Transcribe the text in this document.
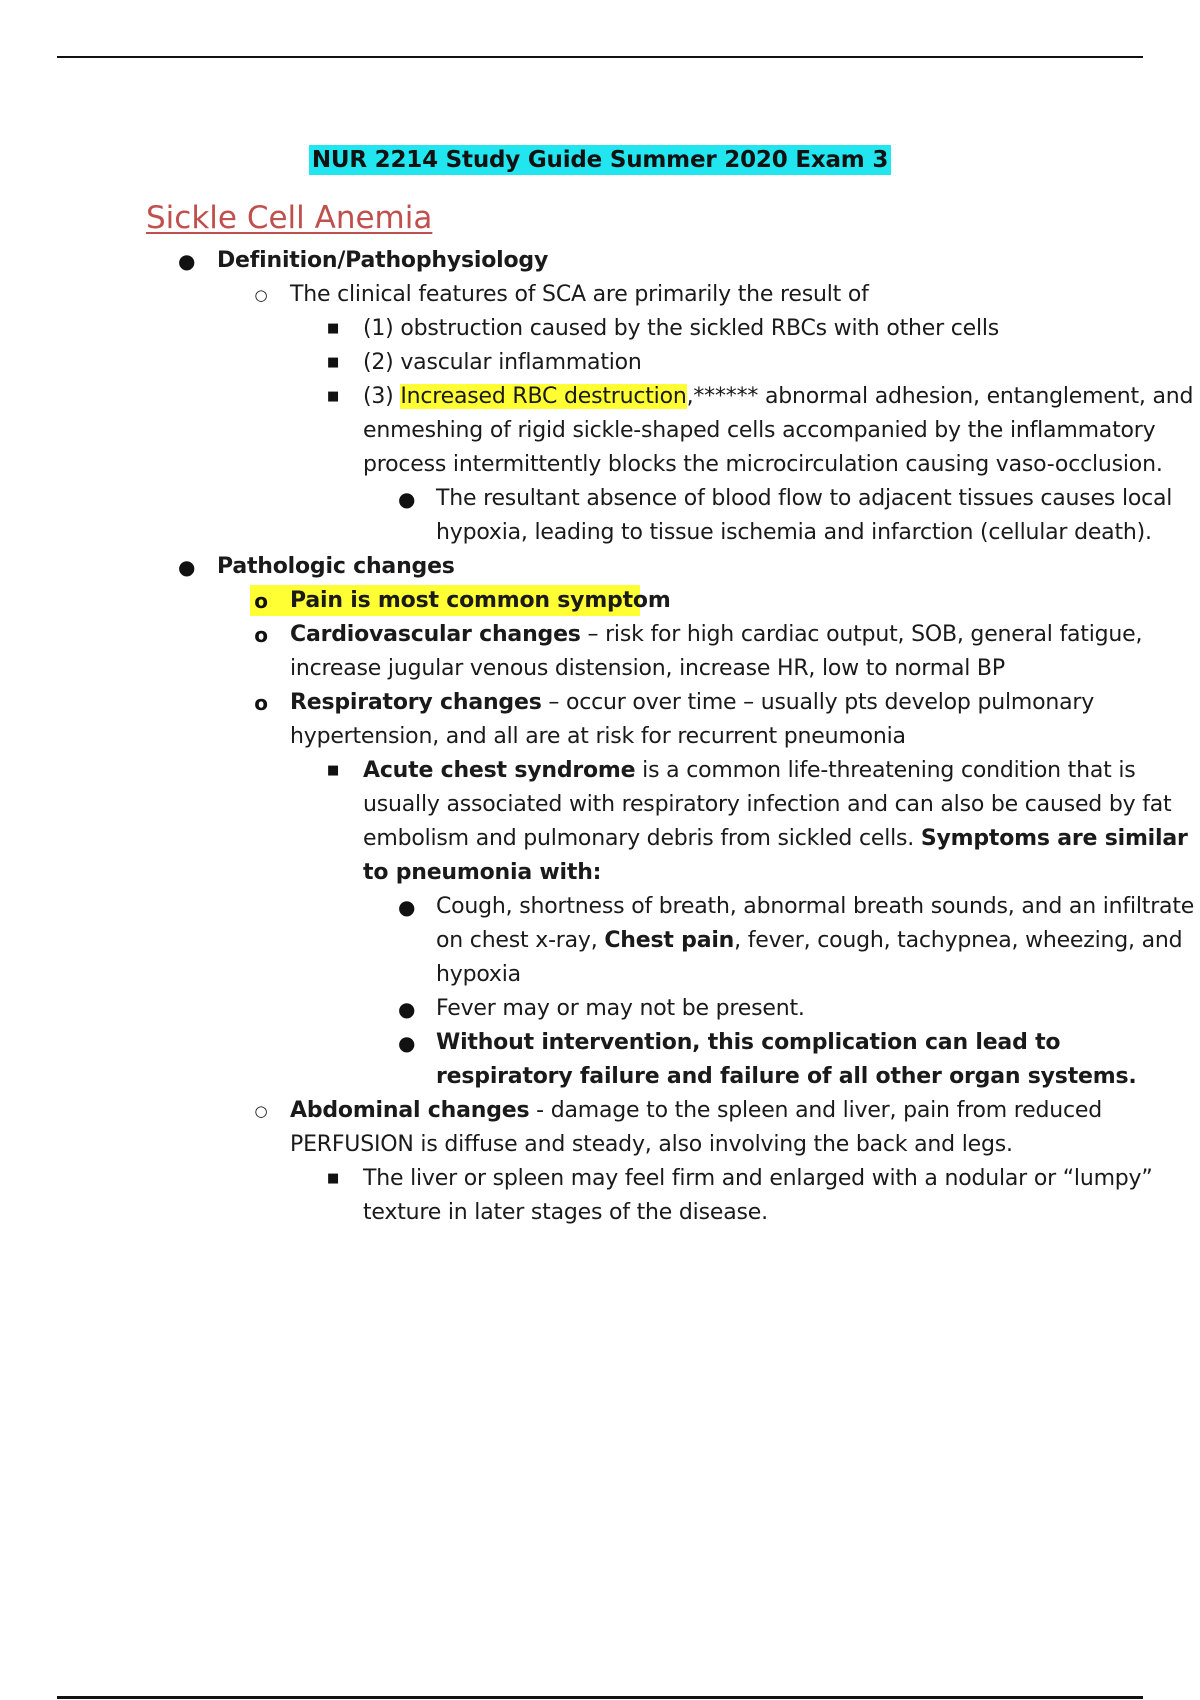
NUR 2214 Study Guide Summer 2020 Exam 3
Sickle Cell Anemia
● Definition/Pathophysiology
○ The clinical features of SCA are primarily the result of
■ (1) obstruction caused by the sickled RBCs with other cells
■ (2) vascular inflammation
■ (3) Increased RBC destruction,****** abnormal adhesion, entanglement, and enmeshing of rigid sickle-shaped cells accompanied by the inflammatory process intermittently blocks the microcirculation causing vaso-occlusion.
● The resultant absence of blood flow to adjacent tissues causes local hypoxia, leading to tissue ischemia and infarction (cellular death).
● Pathologic changes
o Pain is most common symptom
o Cardiovascular changes – risk for high cardiac output, SOB, general fatigue, increase jugular venous distension, increase HR, low to normal BP
o Respiratory changes – occur over time – usually pts develop pulmonary hypertension, and all are at risk for recurrent pneumonia
■ Acute chest syndrome is a common life-threatening condition that is usually associated with respiratory infection and can also be caused by fat embolism and pulmonary debris from sickled cells. Symptoms are similar to pneumonia with:
● Cough, shortness of breath, abnormal breath sounds, and an infiltrate on chest x-ray, Chest pain, fever, cough, tachypnea, wheezing, and hypoxia
● Fever may or may not be present.
● Without intervention, this complication can lead to respiratory failure and failure of all other organ systems.
○ Abdominal changes - damage to the spleen and liver, pain from reduced PERFUSION is diffuse and steady, also involving the back and legs.
■ The liver or spleen may feel firm and enlarged with a nodular or “lumpy” texture in later stages of the disease.
